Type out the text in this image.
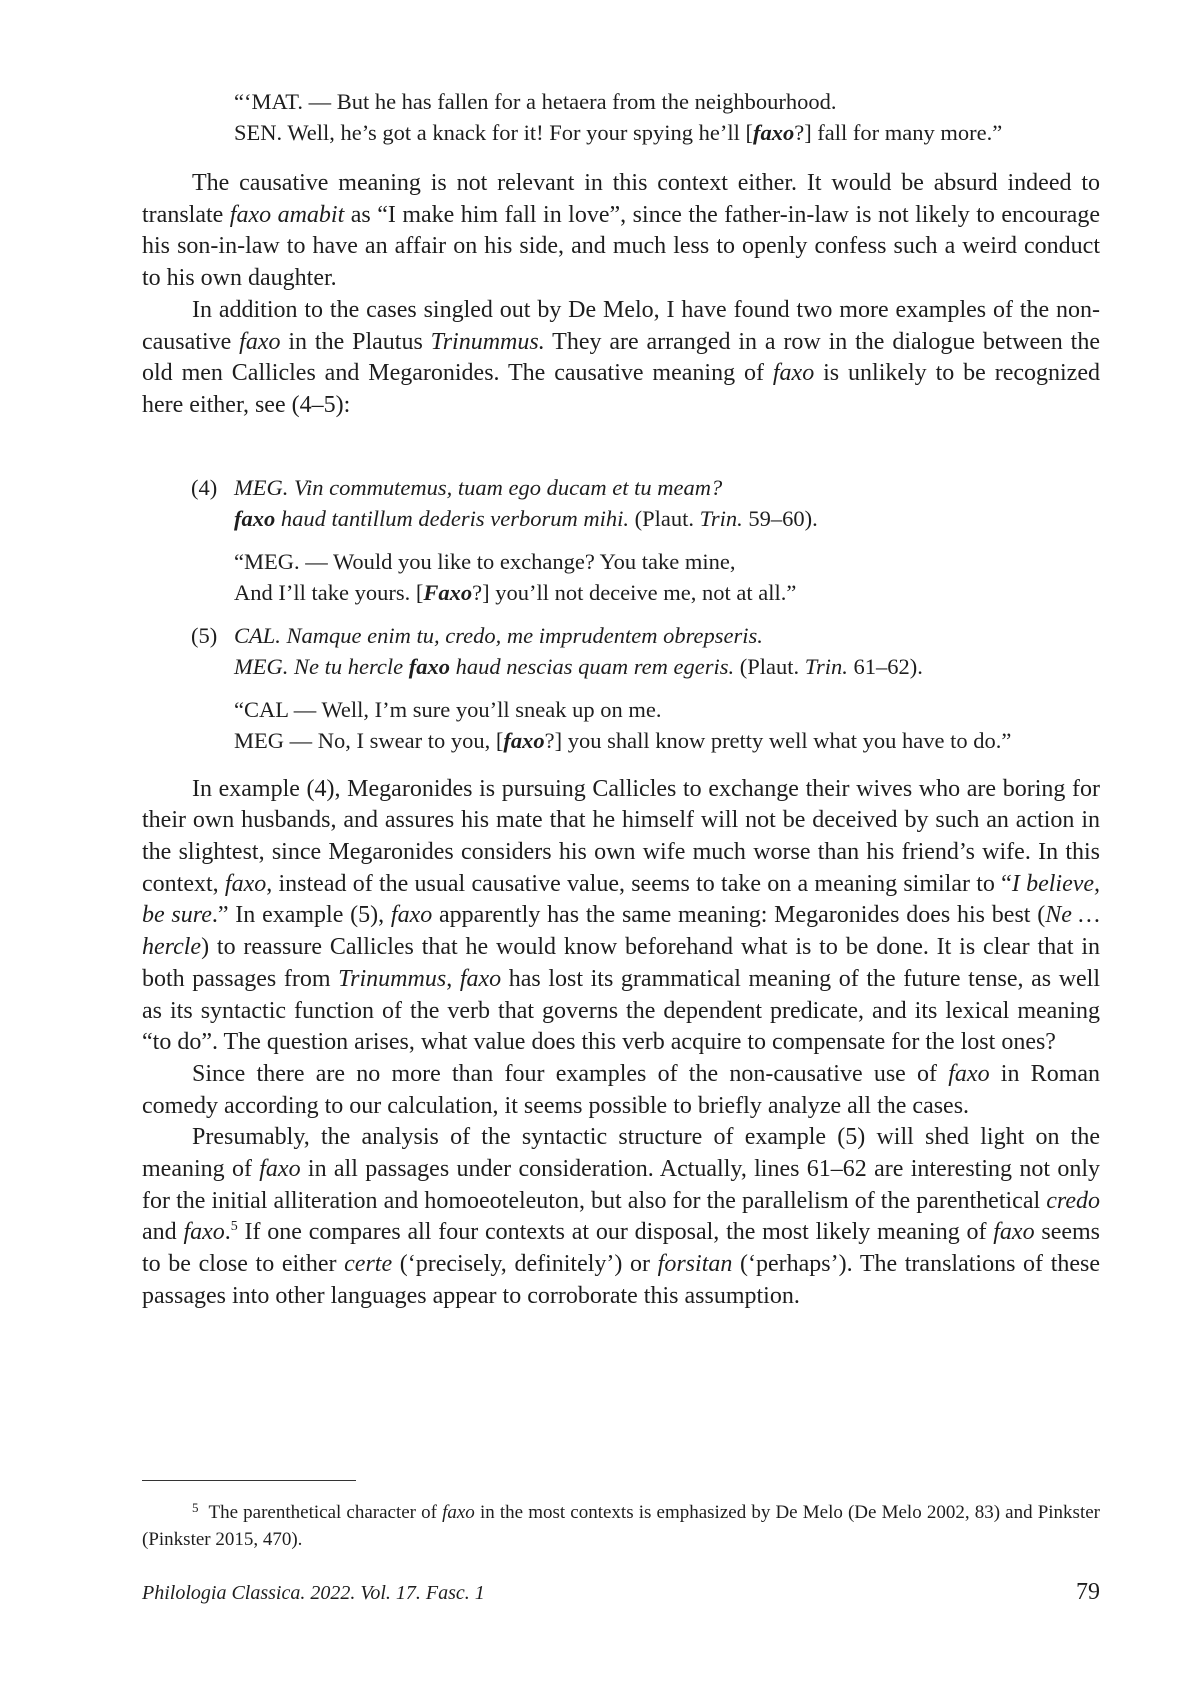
“‘MAT. — But he has fallen for a hetaera from the neighbourhood.
SEN. Well, he’s got a knack for it! For your spying he’ll [faxo?] fall for many more.”

The causative meaning is not relevant in this context either. It would be absurd indeed to translate faxo amabit as “I make him fall in love”, since the father-in-law is not likely to encourage his son-in-law to have an affair on his side, and much less to openly confess such a weird conduct to his own daughter.

In addition to the cases singled out by De Melo, I have found two more examples of the non-causative faxo in the Plautus Trinummus. They are arranged in a row in the dialogue between the old men Callicles and Megaronides. The causative meaning of faxo is unlikely to be recognized here either, see (4–5):

(4) MEG. Vin commutemus, tuam ego ducam et tu meam?
faxo haud tantillum dederis verborum mihi. (Plaut. Trin. 59–60).
“MEG. — Would you like to exchange? You take mine,
And I’ll take yours. [Faxo?] you’ll not deceive me, not at all.”
(5) CAL. Namque enim tu, credo, me imprudentem obrepseris.
MEG. Ne tu hercle faxo haud nescias quam rem egeris. (Plaut. Trin. 61–62).
“CAL — Well, I’m sure you’ll sneak up on me.
MEG — No, I swear to you, [faxo?] you shall know pretty well what you have to do.”

In example (4), Megaronides is pursuing Callicles to exchange their wives who are boring for their own husbands, and assures his mate that he himself will not be deceived by such an action in the slightest, since Megaronides considers his own wife much worse than his friend’s wife. In this context, faxo, instead of the usual causative value, seems to take on a meaning similar to “I believe, be sure.” In example (5), faxo apparently has the same meaning: Megaronides does his best (Ne … hercle) to reassure Callicles that he would know beforehand what is to be done. It is clear that in both passages from Trinummus, faxo has lost its grammatical meaning of the future tense, as well as its syntactic function of the verb that governs the dependent predicate, and its lexical meaning “to do”. The question arises, what value does this verb acquire to compensate for the lost ones?

Since there are no more than four examples of the non-causative use of faxo in Roman comedy according to our calculation, it seems possible to briefly analyze all the cases.

Presumably, the analysis of the syntactic structure of example (5) will shed light on the meaning of faxo in all passages under consideration. Actually, lines 61–62 are interesting not only for the initial alliteration and homoeoteleuton, but also for the parallelism of the parenthetical credo and faxo.$^5$ If one compares all four contexts at our disposal, the most likely meaning of faxo seems to be close to either certe (‘precisely, definitely’) or forsitan (‘perhaps’). The translations of these passages into other languages appear to corroborate this assumption.

$^5$ The parenthetical character of faxo in the most contexts is emphasized by De Melo (De Melo 2002, 83) and Pinkster (Pinkster 2015, 470).
Philologia Classica. 2022. Vol. 17. Fasc. 1	79
